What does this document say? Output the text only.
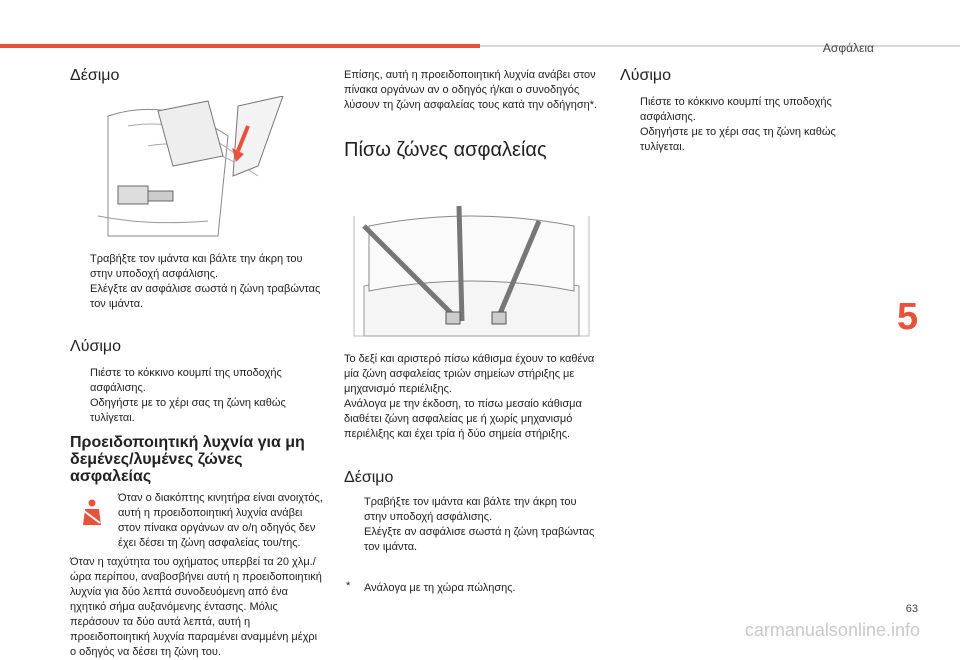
Ασφάλεια
5
63
Δέσιμο
Τραβήξτε τον ιμάντα και βάλτε την άκρη του στην υποδοχή ασφάλισης.
Ελέγξτε αν ασφάλισε σωστά η ζώνη τραβώντας τον ιμάντα.
Λύσιμο
Πιέστε το κόκκινο κουμπί της υποδοχής ασφάλισης.
Οδηγήστε με το χέρι σας τη ζώνη καθώς τυλίγεται.
Προειδοποιητική λυχνία για μη δεμένες/λυμένες ζώνες ασφαλείας

Όταν ο διακόπτης κινητήρα είναι ανοιχτός, αυτή η προειδοποιητική λυχνία ανάβει στον πίνακα οργάνων αν ο/η οδηγός δεν έχει δέσει τη ζώνη ασφαλείας του/της.

Όταν η ταχύτητα του οχήματος υπερβεί τα 20 χλμ./ώρα περίπου, αναβοσβήνει αυτή η προειδοποιητική λυχνία για δύο λεπτά συνοδευόμενη από ένα ηχητικό σήμα αυξανόμενης έντασης. Μόλις περάσουν τα δύο αυτά λεπτά, αυτή η προειδοποιητική λυχνία παραμένει αναμμένη μέχρι ο οδηγός να δέσει τη ζώνη του.

Επίσης, αυτή η προειδοποιητική λυχνία ανάβει στον πίνακα οργάνων αν ο οδηγός ή/και ο συνοδηγός λύσουν τη ζώνη ασφαλείας τους κατά την οδήγηση*.

Πίσω ζώνες ασφαλείας

Το δεξί και αριστερό πίσω κάθισμα έχουν το καθένα μία ζώνη ασφαλείας τριών σημείων στήριξης με μηχανισμό περιέλιξης.

Ανάλογα με την έκδοση, το πίσω μεσαίο κάθισμα διαθέτει ζώνη ασφαλείας με ή χωρίς μηχανισμό περιέλιξης και έχει τρία ή δύο σημεία στήριξης.

Δέσιμο
Τραβήξτε τον ιμάντα και βάλτε την άκρη του στην υποδοχή ασφάλισης.
Ελέγξτε αν ασφάλισε σωστά η ζώνη τραβώντας τον ιμάντα.
* Ανάλογα με τη χώρα πώλησης.
Λύσιμο
Πιέστε το κόκκινο κουμπί της υποδοχής ασφάλισης.
Οδηγήστε με το χέρι σας τη ζώνη καθώς τυλίγεται.
carmanualsonline.info
